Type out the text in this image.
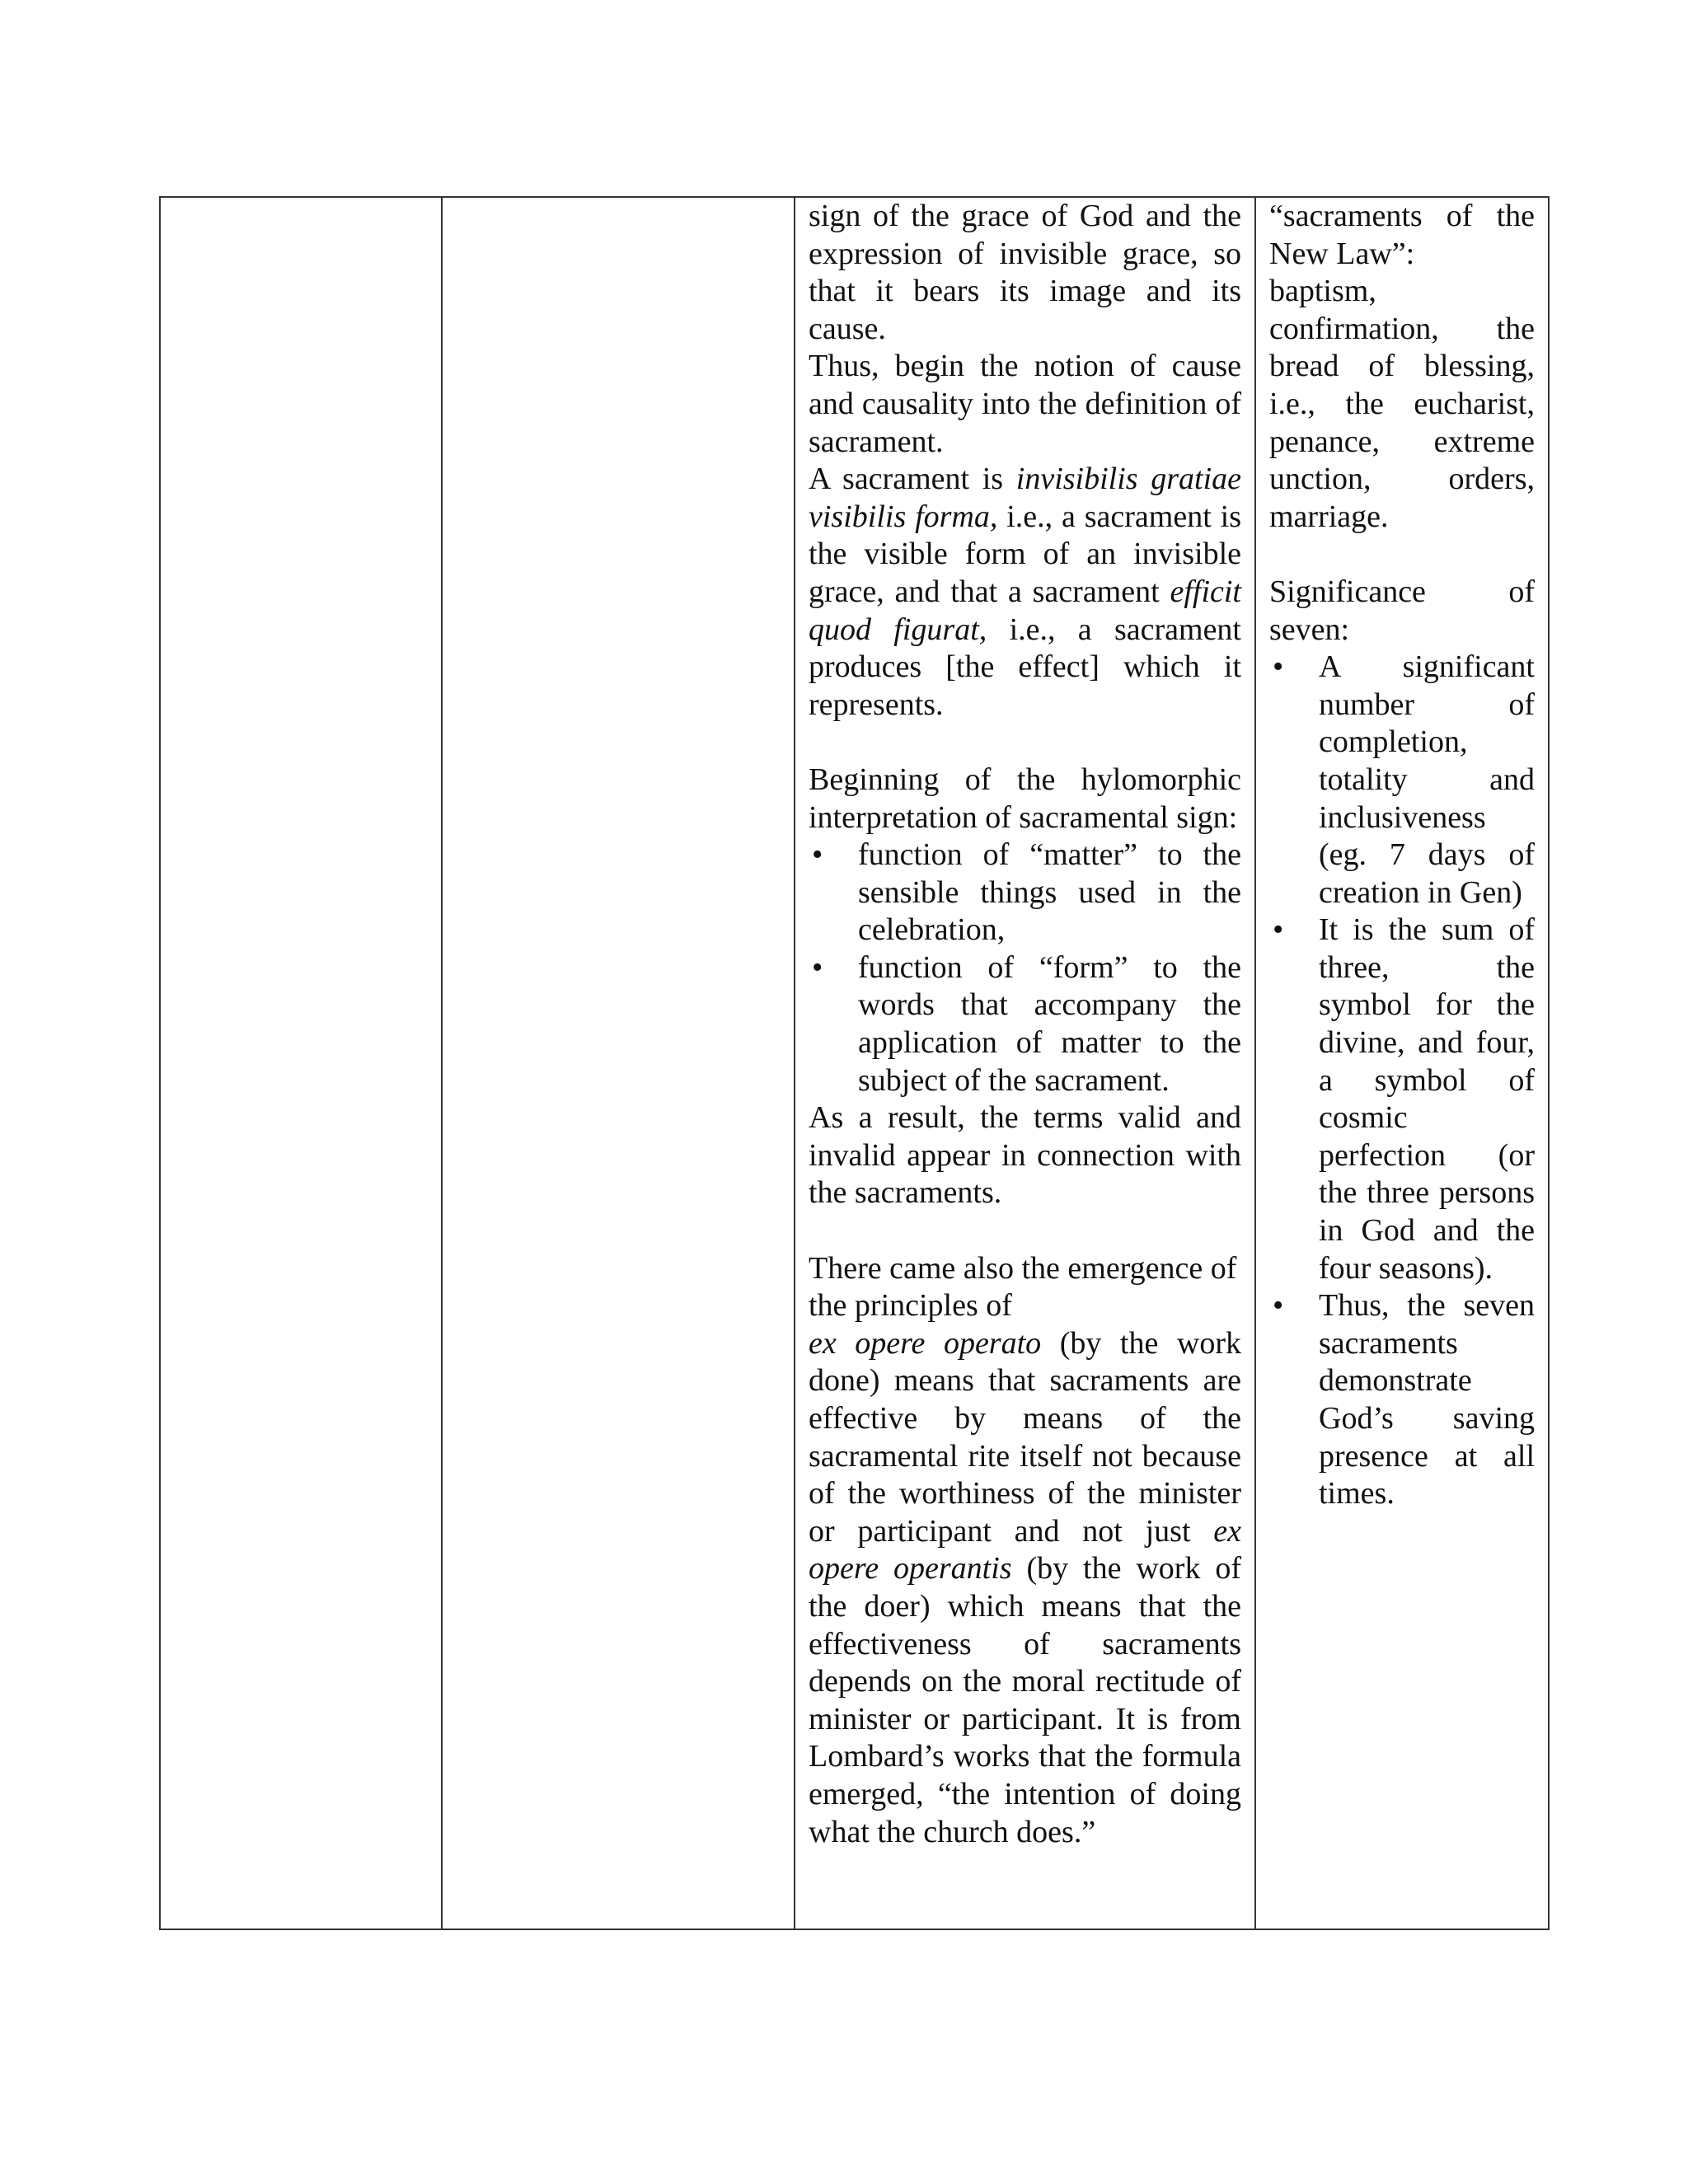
sign of the grace of God and the expression of invisible grace, so that it bears its image and its cause.

Thus, begin the notion of cause and causality into the definition of sacrament.

A sacrament is invisibilis gratiae visibilis forma, i.e., a sacrament is the visible form of an invisible grace, and that a sacrament efficit quod figurat, i.e., a sacrament produces [the effect] which it represents.

Beginning of the hylomorphic interpretation of sacramental sign:

•	function of “matter” to the sensible things used in the celebration,
•	function of “form” to the words that accompany the application of matter to the subject of the sacrament.

As a result, the terms valid and invalid appear in connection with the sacraments.

There came also the emergence of the principles of

ex opere operato (by the work done) means that sacraments are effective by means of the sacramental rite itself not because of the worthiness of the minister or participant and not just ex opere operantis (by the work of the doer) which means that the effectiveness of sacraments depends on the moral rectitude of minister or participant. It is from Lombard’s works that the formula emerged, “the intention of doing what the church does.”

“sacraments of the New Law”:

baptism,

confirmation, the bread of blessing, i.e., the eucharist, penance, extreme unction, orders, marriage.

Significance of seven:

•	A significant number of completion, totality and inclusiveness (eg. 7 days of creation in Gen)
•	It is the sum of three, the symbol for the divine, and four, a symbol of cosmic perfection (or the three persons in God and the four seasons).
•	Thus, the seven sacraments demonstrate God’s saving presence at all times.
